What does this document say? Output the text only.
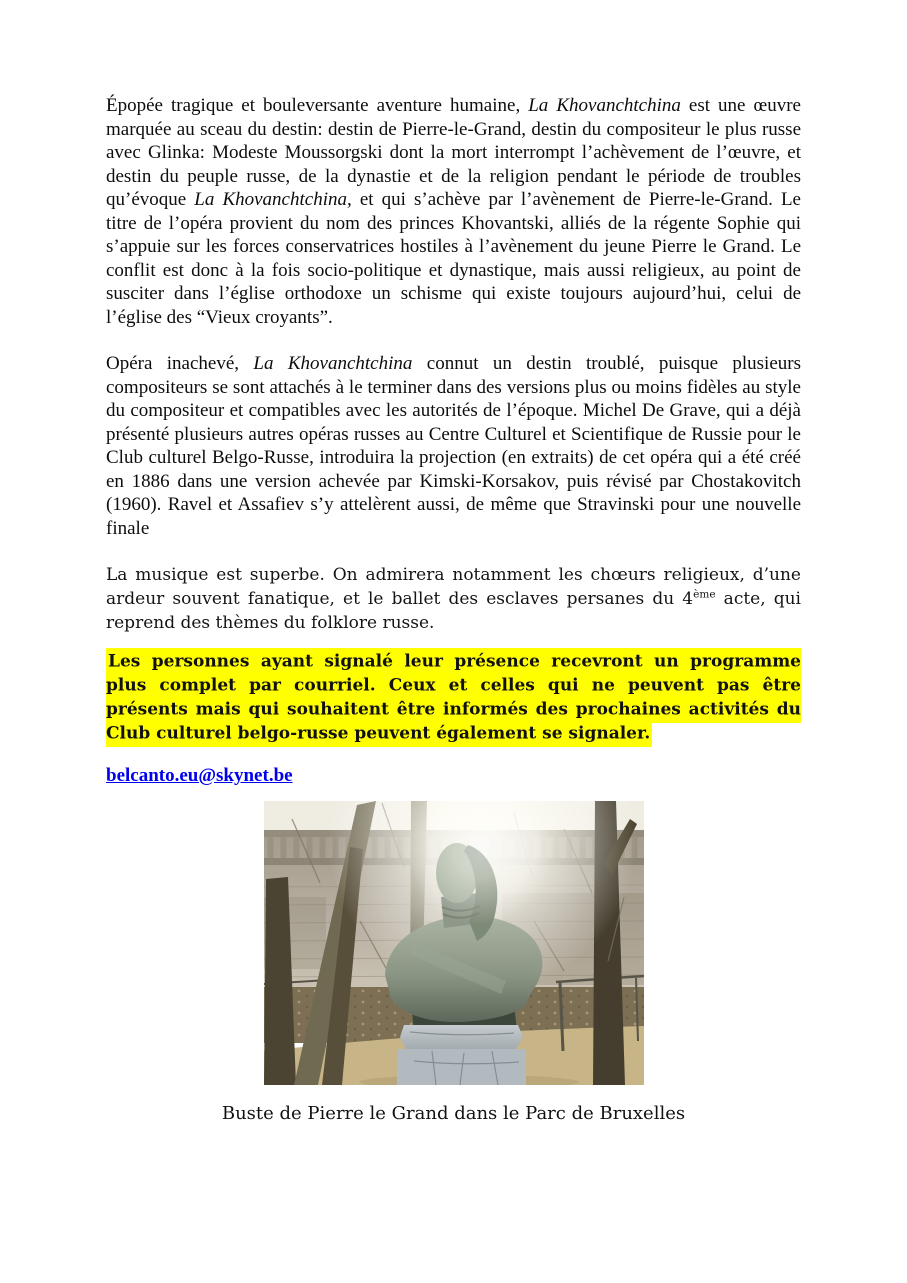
Épopée tragique et bouleversante aventure humaine, La Khovanchtchina est une œuvre marquée au sceau du destin: destin de Pierre-le-Grand, destin du compositeur le plus russe avec Glinka: Modeste Moussorgski dont la mort interrompt l’achèvement de l’œuvre, et destin du peuple russe, de la dynastie et de la religion pendant le période de troubles qu’évoque La Khovanchtchina, et qui s’achève par l’avènement de Pierre-le-Grand. Le titre de l’opéra provient du nom des princes Khovantski, alliés de la régente Sophie qui s’appuie sur les forces conservatrices hostiles à l’avènement du jeune Pierre le Grand. Le conflit est donc à la fois socio-politique et dynastique, mais aussi religieux, au point de susciter dans l’église orthodoxe un schisme qui existe toujours aujourd’hui, celui de l’église des “Vieux croyants”.

Opéra inachevé, La Khovanchtchina connut un destin troublé, puisque plusieurs compositeurs se sont attachés à le terminer dans des versions plus ou moins fidèles au style du compositeur et compatibles avec les autorités de l’époque. Michel De Grave, qui a déjà présenté plusieurs autres opéras russes au Centre Culturel et Scientifique de Russie pour le Club culturel Belgo-Russe, introduira la projection (en extraits) de cet opéra qui a été créé en 1886 dans une version achevée par Kimski-Korsakov, puis révisé par Chostakovitch (1960). Ravel et Assafiev s’y attelèrent aussi, de même que Stravinski pour une nouvelle finale

La musique est superbe. On admirera notamment les chœurs religieux, d’une ardeur souvent fanatique, et le ballet des esclaves persanes du 4ème acte, qui reprend des thèmes du folklore russe.

Les personnes ayant signalé leur présence recevront un programme plus complet par courriel. Ceux et celles qui ne peuvent pas être présents mais qui souhaitent être informés des prochaines activités du Club culturel belgo-russe peuvent également se signaler.

belcanto.eu@skynet.be

Buste de Pierre le Grand dans le Parc de Bruxelles
